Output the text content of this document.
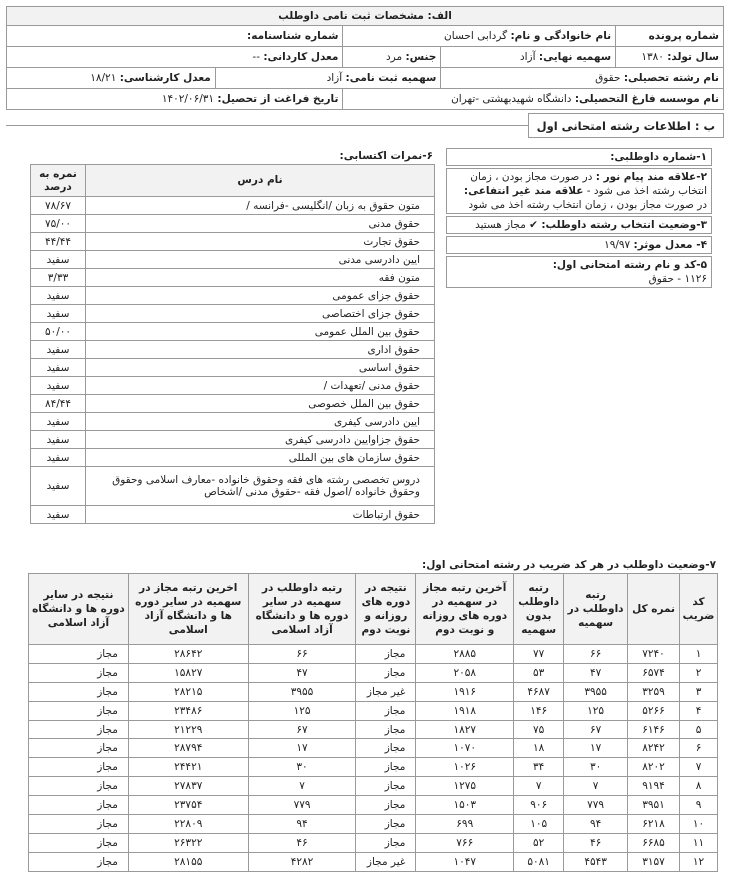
الف: مشخصات ثبت نامی داوطلب				
شماره پرونده	نام خانوادگی و نام: گردابی احسان		شماره شناسنامه:	
سال تولد: ۱۳۸۰	سهمیه نهایی: آزاد	جنس: مرد	معدل کاردانی: --	
نام رشته تحصیلی: حقوق		سهمیه ثبت نامی: آزاد		معدل کارشناسی: ۱۸/۲۱
نام موسسه فارغ التحصیلی: دانشگاه شهیدبهشتی -تهران			تاریخ فراغت از تحصیل: ۱۴۰۲/۰۶/۳۱	
ب : اطلاعات رشته امتحانی اول
۱-شماره داوطلبی:
۲-علاقه مند پیام نور : در صورت مجاز بودن ، زمان انتخاب رشته اخذ می شود - علاقه مند غیر انتفاعی: در صورت مجاز بودن ، زمان انتخاب رشته اخذ می شود
۳-وضعیت انتخاب رشته داوطلب: ✔ مجاز هستید
۴- معدل موثر: ۱۹/۹۷
۵-کد و نام رشته امتحانی اول:
۱۱۲۶ - حقوق
۶-نمرات اکتسابی:
نام درس	نمره به درصد
متون حقوق به زبان /انگلیسی -فرانسه /	۷۸/۶۷
حقوق مدنی	۷۵/۰۰
حقوق تجارت	۴۴/۴۴
ایین دادرسی مدنی	سفید
متون فقه	۳/۳۳
حقوق جزای عمومی	سفید
حقوق جزای اختصاصی	سفید
حقوق بین الملل عمومی	۵۰/۰۰
حقوق اداری	سفید
حقوق اساسی	سفید
حقوق مدنی /تعهدات /	سفید
حقوق بین الملل خصوصی	۸۴/۴۴
ایین دادرسی کیفری	سفید
حقوق جزاوایین دادرسی کیفری	سفید
حقوق سازمان های بین المللی	سفید
دروس تخصصی رشته های فقه وحقوق خانواده -معارف اسلامی وحقوق وحقوق خانواده /اصول فقه -حقوق مدنی /اشخاص	سفید
حقوق ارتباطات	سفید
۷-وضعیت داوطلب در هر کد ضریب در رشته امتحانی اول:
کد ضریب	نمره کل	رتبه داوطلب در سهمیه	رتبه داوطلب بدون سهمیه	آخرین رتبه مجاز در سهمیه در دوره های روزانه و نوبت دوم	نتیجه در دوره های روزانه و نوبت دوم	رتبه داوطلب در سهمیه در سایر دوره ها و دانشگاه آزاد اسلامی	اخرین رتبه مجاز در سهمیه در سایر دوره ها و دانشگاه آزاد اسلامی	نتیجه در سایر دوره ها و دانشگاه آزاد اسلامی
۱	۷۲۴۰	۶۶	۷۷	۲۸۸۵	مجاز	۶۶	۲۸۶۴۲	مجاز
۲	۶۵۷۴	۴۷	۵۳	۲۰۵۸	مجاز	۴۷	۱۵۸۲۷	مجاز
۳	۳۲۵۹	۳۹۵۵	۴۶۸۷	۱۹۱۶	غیر مجاز	۳۹۵۵	۲۸۲۱۵	مجاز
۴	۵۲۶۶	۱۲۵	۱۴۶	۱۹۱۸	مجاز	۱۲۵	۲۳۴۸۶	مجاز
۵	۶۱۴۶	۶۷	۷۵	۱۸۲۷	مجاز	۶۷	۲۱۲۲۹	مجاز
۶	۸۲۴۲	۱۷	۱۸	۱۰۷۰	مجاز	۱۷	۲۸۷۹۴	مجاز
۷	۸۲۰۲	۳۰	۳۴	۱۰۲۶	مجاز	۳۰	۲۴۴۲۱	مجاز
۸	۹۱۹۴	۷	۷	۱۲۷۵	مجاز	۷	۲۷۸۳۷	مجاز
۹	۳۹۵۱	۷۷۹	۹۰۶	۱۵۰۳	مجاز	۷۷۹	۲۳۷۵۴	مجاز
۱۰	۶۲۱۸	۹۴	۱۰۵	۶۹۹	مجاز	۹۴	۲۲۸۰۹	مجاز
۱۱	۶۶۸۵	۴۶	۵۲	۷۶۶	مجاز	۴۶	۲۶۳۲۲	مجاز
۱۲	۳۱۵۷	۴۵۴۳	۵۰۸۱	۱۰۴۷	غیر مجاز	۴۲۸۲	۲۸۱۵۵	مجاز
